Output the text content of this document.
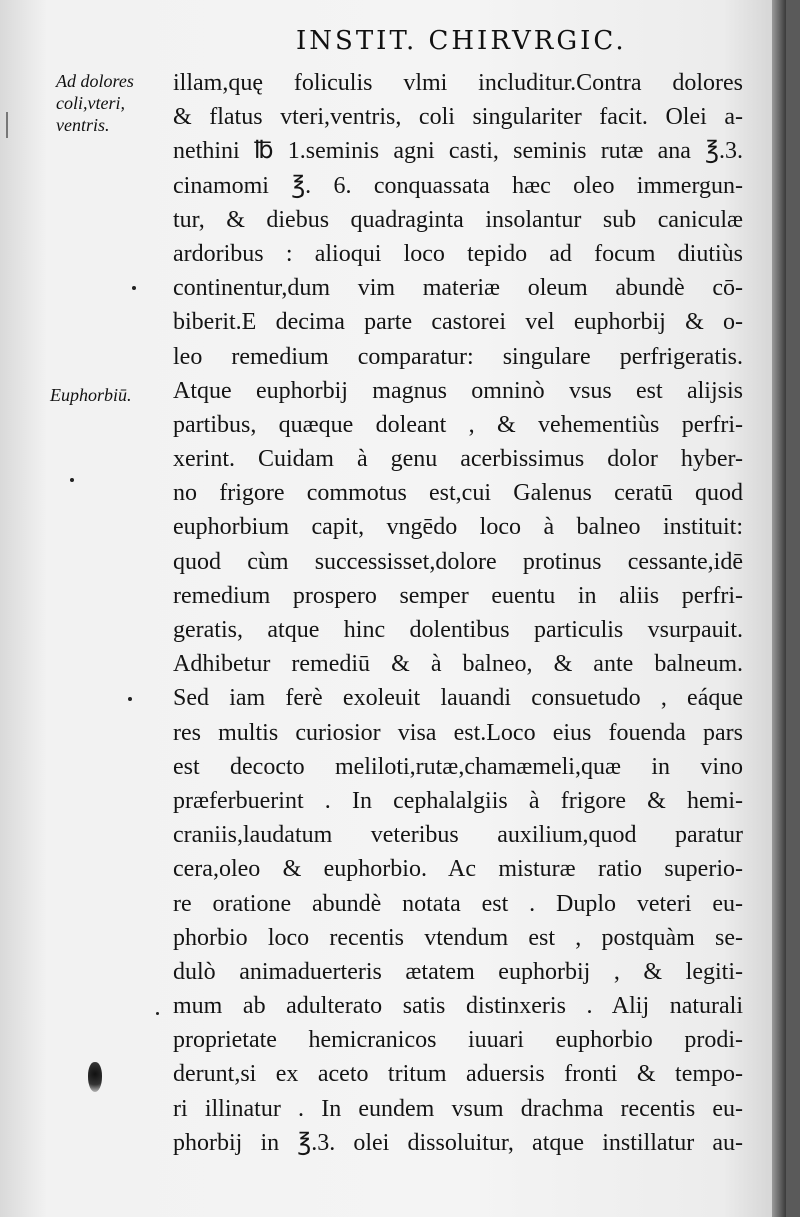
INSTIT. CHIRVRGIC.
Ad dolores
coli,vteri,
ventris.
Euphorbiū.
illam,quę foliculis vlmi includitur.Contra dolores
& flatus vteri,ventris, coli singulariter facit. Olei a-
nethini ℔ 1.seminis agni casti, seminis rutæ ana ℥.3.
cinamomi ℥. 6. conquassata hæc oleo immergun-
tur, & diebus quadraginta insolantur sub caniculæ
ardoribus : alioqui loco tepido ad focum diutiùs
continentur,dum vim materiæ oleum abundè cō-
biberit.E decima parte castorei vel euphorbij & o-
leo remedium comparatur: singulare perfrigeratis.
Atque euphorbij magnus omninò vsus est alijsis
partibus, quæque doleant , & vehementiùs perfri-
xerint. Cuidam à genu acerbissimus dolor hyber-
no frigore commotus est,cui Galenus ceratū quod
euphorbium capit, vngēdo loco à balneo instituit:
quod cùm successisset,dolore protinus cessante,idē
remedium prospero semper euentu in aliis perfri-
geratis, atque hinc dolentibus particulis vsurpauit.
Adhibetur remediū & à balneo, & ante balneum.
Sed iam ferè exoleuit lauandi consuetudo , eáque
res multis curiosior visa est.Loco eius fouenda pars
est decocto meliloti,rutæ,chamæmeli,quæ in vino
præferbuerint . In cephalalgiis à frigore & hemi-
craniis,laudatum veteribus auxilium,quod paratur
cera,oleo & euphorbio. Ac misturæ ratio superio-
re oratione abundè notata est . Duplo veteri eu-
phorbio loco recentis vtendum est , postquàm se-
dulò animaduerteris ætatem euphorbij , & legiti-
mum ab adulterato satis distinxeris . Alij naturali
proprietate hemicranicos iuuari euphorbio prodi-
derunt,si ex aceto tritum aduersis fronti & tempo-
ri illinatur . In eundem vsum drachma recentis eu-
phorbij in ℥.3. olei dissoluitur, atque instillatur au-
